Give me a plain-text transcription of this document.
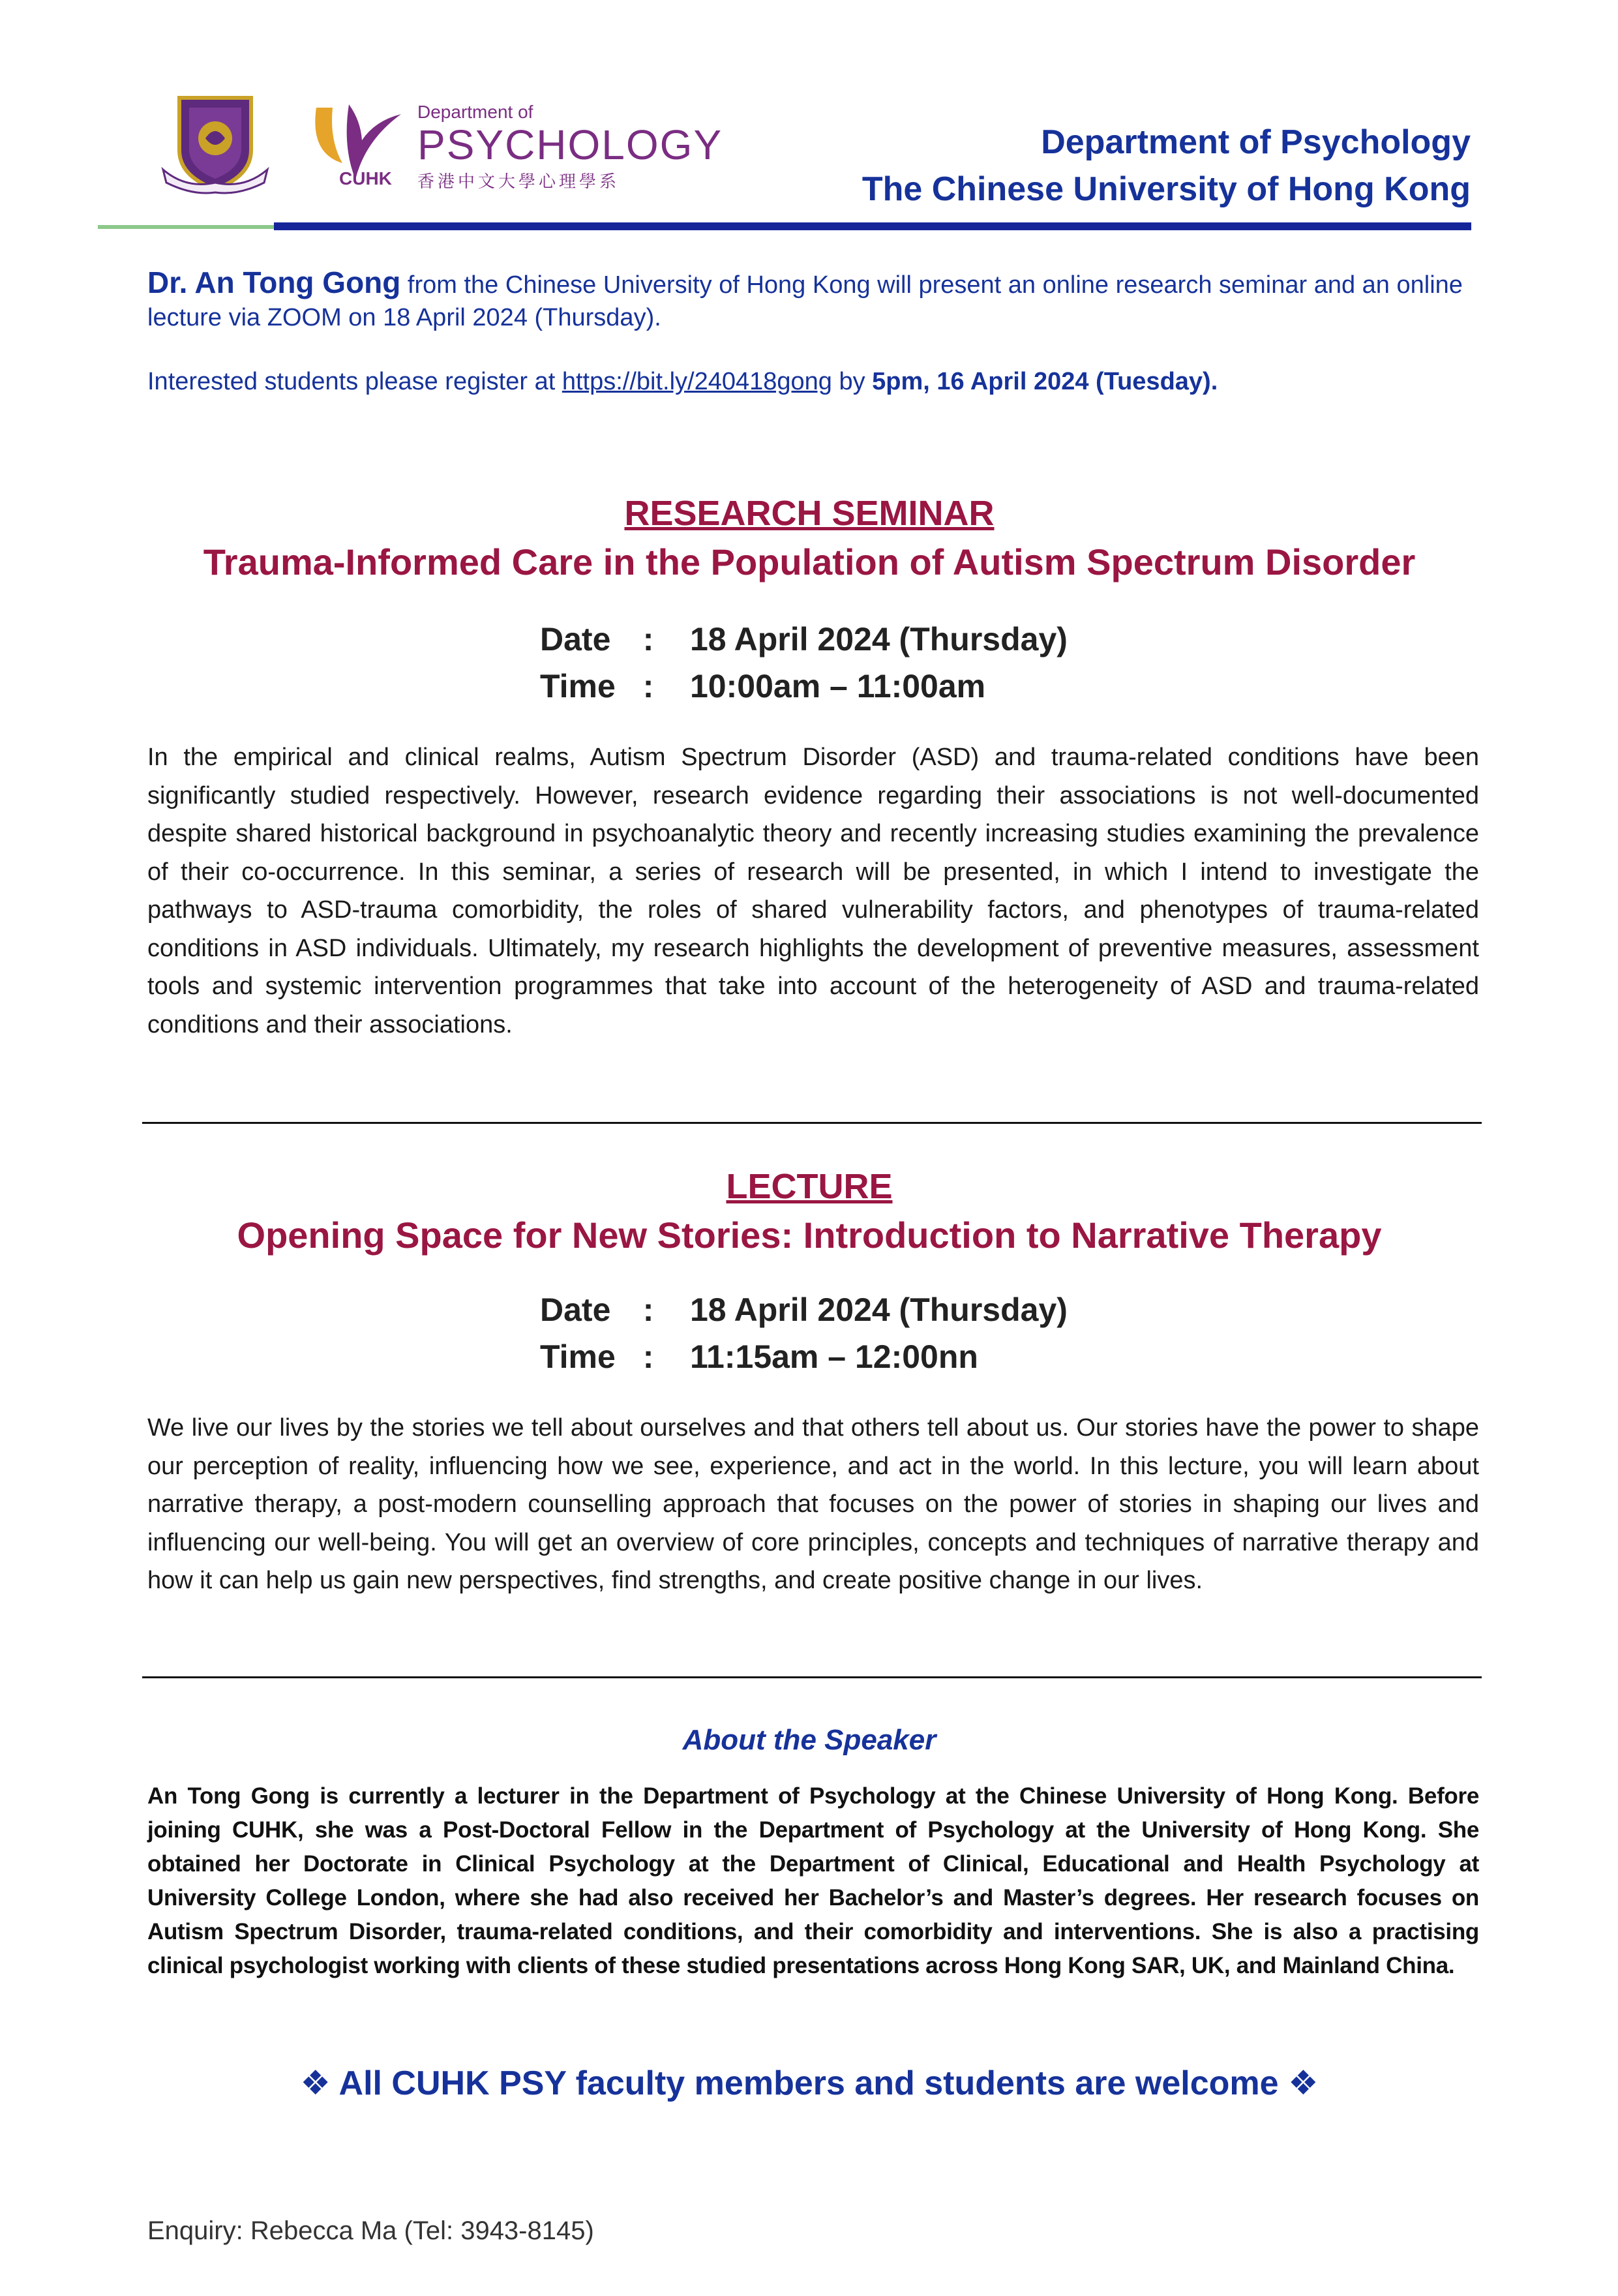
Department of
PSYCHOLOGY
CUHK 香港中文大學心理學系
Department of Psychology
The Chinese University of Hong Kong
Dr. An Tong Gong from the Chinese University of Hong Kong will present an online research seminar and an online lecture via ZOOM on 18 April 2024 (Thursday).
Interested students please register at https://bit.ly/240418gong by 5pm, 16 April 2024 (Tuesday).
RESEARCH SEMINAR
Trauma-Informed Care in the Population of Autism Spectrum Disorder
Date  : 18 April 2024 (Thursday)
Time  : 10:00am – 11:00am
In the empirical and clinical realms, Autism Spectrum Disorder (ASD) and trauma-related conditions have been significantly studied respectively. However, research evidence regarding their associations is not well-documented despite shared historical background in psychoanalytic theory and recently increasing studies examining the prevalence of their co-occurrence. In this seminar, a series of research will be presented, in which I intend to investigate the pathways to ASD-trauma comorbidity, the roles of shared vulnerability factors, and phenotypes of trauma-related conditions in ASD individuals. Ultimately, my research highlights the development of preventive measures, assessment tools and systemic intervention programmes that take into account of the heterogeneity of ASD and trauma-related conditions and their associations.
LECTURE
Opening Space for New Stories: Introduction to Narrative Therapy
Date  : 18 April 2024 (Thursday)
Time  : 11:15am – 12:00nn
We live our lives by the stories we tell about ourselves and that others tell about us. Our stories have the power to shape our perception of reality, influencing how we see, experience, and act in the world. In this lecture, you will learn about narrative therapy, a post-modern counselling approach that focuses on the power of stories in shaping our lives and influencing our well-being. You will get an overview of core principles, concepts and techniques of narrative therapy and how it can help us gain new perspectives, find strengths, and create positive change in our lives.
About the Speaker
An Tong Gong is currently a lecturer in the Department of Psychology at the Chinese University of Hong Kong. Before joining CUHK, she was a Post-Doctoral Fellow in the Department of Psychology at the University of Hong Kong. She obtained her Doctorate in Clinical Psychology at the Department of Clinical, Educational and Health Psychology at University College London, where she had also received her Bachelor’s and Master’s degrees. Her research focuses on Autism Spectrum Disorder, trauma-related conditions, and their comorbidity and interventions. She is also a practising clinical psychologist working with clients of these studied presentations across Hong Kong SAR, UK, and Mainland China.
❖ All CUHK PSY faculty members and students are welcome ❖
Enquiry: Rebecca Ma (Tel: 3943-8145)
